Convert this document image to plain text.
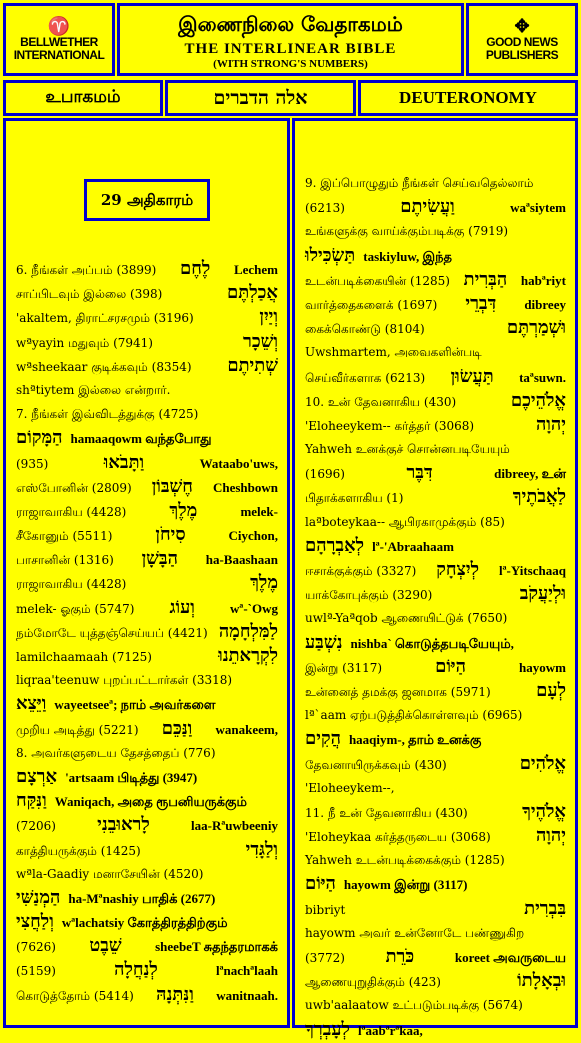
♈
BELLWETHER INTERNATIONAL
இணைநிலை வேதாகமம்
THE INTERLINEAR BIBLE
(WITH STRONG'S NUMBERS)
✥
GOOD NEWS PUBLISHERS
உபாகமம்	אלה הדברים	DEUTERONOMY
29 அதிகாரம்
6. நீங்கள் அப்பம் (3899) לֶחֶם Lechem
சாப்பிடவும் இல்லை (398)	אֲכַלְתֶּם
'akaltem, திராட்சரசமும் (3196)	וְיַיִן
wªyayin மதுவும் (7941)	וְשֵׁכָר
wªsheekaar குடிக்கவும் (8354) שְׁתִיתֶם
shªtiytem இல்லை என்றார்.
7. நீங்கள் இவ்விடத்துக்கு (4725)
הַמָּקוֹם hamaaqowm வந்தபோது
(935)	וַתָּבֹאוּ	Wataabo'uws,
எஸ்போனின் (2809) חֶשְׁבּוֹן Cheshbown
ராஜாவாகிய (4428) מֶלֶךְ	melek-
சீகோனும் (5511) סִיחֹן	Ciychon,
பாசானின் (1316) הַבָּשָׁן ha-Baashaan
ராஜாவாகிய (4428)	מֶלֶךְ
melek- ஓகும் (5747) וְעוֹג	wª-`Owg
நம்மோடே யுத்தஞ்செய்யப் (4421) לַמִּלְחָמָה
lamilchaamaah (7125)	לִקְרָאתֵנוּ
liqraa'teenuw புறப்பட்டார்கள் (3318)
וַיֵּצֵא wayeetseeª; நாம் அவர்களை
முறிய அடித்து (5221) וַנַּכֵּם wanakeem,
8. அவர்களுடைய தேசத்தைப் (776)
אַרְצָם 'artsaam பிடித்து (3947)
וַנִּקַּח Waniqach, அதை ரூபனியருக்கும்
(7206) לָראוּבֵנִי	laa-Rªuwbeeniy
காத்தியருக்கும் (1425)	וְלַגָּדִי
wªla-Gaadiy மனாசேயின் (4520)
הַמְנַשִּׁי ha-Mªnashiy பாதிக் (2677)
וְלַחֲצִי wªlachatsiy கோத்திரத்திற்கும்
(7626) שֵׁבֶט	sheebeT சுதந்தரமாகக்
(5159)	לְנַחֲלָה	lªnachªlaah
கொடுத்தோம் (5414) וַנִּתְּנָהּ wanitnaah.
9. இப்பொழுதும் நீங்கள் செய்வதெல்லாம்
(6213)	וַעֲשִׂיתֶם	waªsiytem
உங்களுக்கு வாய்க்கும்படிக்கு (7919)
תַּשְׂכִּילוּ taskiyluw, இந்த
உடன்படிக்கையின் (1285) הַבְּרִית habªriyt
வார்த்தைகளைக் (1697) דִּבְרֵי dibreey
கைக்கொண்டு (8104)	וּשְׁמַרְתֶּם
Uwshmartem, அவைகளின்படி
செய்வீர்களாக (6213) תַּעֲשׂוּן taªsuwn.
10. உன் தேவனாகிய (430)	אֱלֹהֵיכֶם
'Eloheeykem-- கர்த்தர் (3068)	יְהוָה
Yahweh உனக்குச் சொன்னபடியேயும்
(1696)	דִּבֶּר	dibreey, உன்
பிதாக்களாகிய (1)	לַאֲבֹתֶיךָ
laªboteykaa-- ஆபிரகாமுக்கும் (85)
לְאַבְרָהָם lª-'Abraahaam
ஈசாக்குக்கும் (3327) לְיִצְחָק lª-Yitschaaq
யாக்கோபுக்கும் (3290)	וּלְיַעֲקֹב
uwlª-Yaªqob ஆணையிட்டுக் (7650)
נִשְׁבַּע nishba` கொடுத்தபடியேயும்,
இன்று (3117)	הַיּוֹם	hayowm
உன்னைத் தமக்கு ஜனமாக (5971)	לְעָם
lª`aam ஏற்படுத்திக்கொள்ளவும் (6965)
הֲקִים haaqiym-, தாம் உனக்கு
தேவனாயிருக்கவும் (430)	אֱלֹהִים
'Eloheeykem--,
11. நீ உன் தேவனாகிய (430)	אֱלֹהֶיךָ
'Eloheykaa கர்த்தருடைய (3068)	יְהוָה
Yahweh உடன்படிக்கைக்கும் (1285)
הַיּוֹם hayowm இன்று (3117)
bibriyt	בִּבְרִית
hayowm அவர் உன்னோடே பண்ணுகிற
(3772) כֹּרֵת	koreet அவருடைய
ஆணையுறுதிக்கும் (423)	וּבְאָלָתוֹ
uwb'aalaatow உட்படும்படிக்கு (5674)
לְעָבְרְךָ lªaabªrªkaa,
